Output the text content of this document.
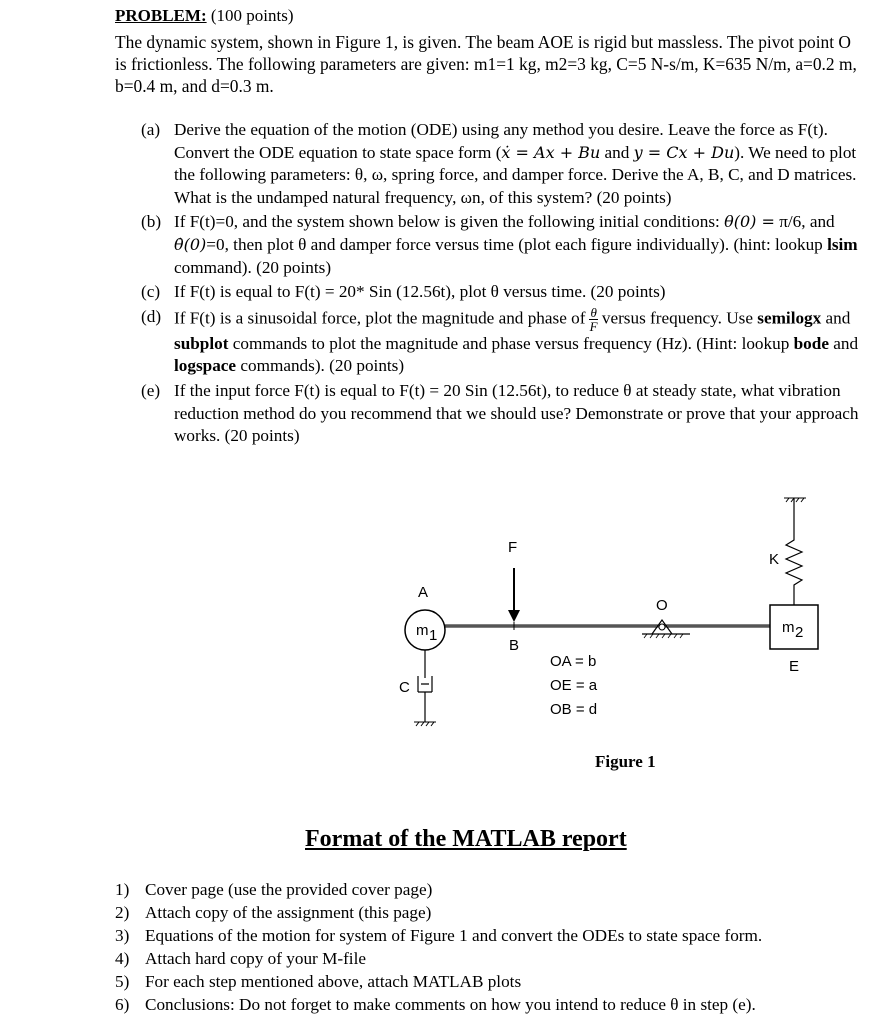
PROBLEM: (100 points)
The dynamic system, shown in Figure 1, is given. The beam AOE is rigid but massless. The pivot point O is frictionless. The following parameters are given: m1=1 kg, m2=3 kg, C=5 N-s/m, K=635 N/m, a=0.2 m, b=0.4 m, and d=0.3 m.
(a) Derive the equation of the motion (ODE) using any method you desire. Leave the force as F(t). Convert the ODE equation to state space form (ẋ = Ax + Bu and y = Cx + Du). We need to plot the following parameters: θ, ω, spring force, and damper force. Derive the A, B, C, and D matrices. What is the undamped natural frequency, ωn, of this system? (20 points)
(b) If F(t)=0, and the system shown below is given the following initial conditions: θ(0) = π/6, and θ̇(0)=0, then plot θ and damper force versus time (plot each figure individually). (hint: lookup lsim command). (20 points)
(c) If F(t) is equal to F(t) = 20* Sin (12.56t), plot θ versus time. (20 points)
(d) If F(t) is a sinusoidal force, plot the magnitude and phase of $\frac{\theta}{F}$ versus frequency. Use semilogx and subplot commands to plot the magnitude and phase versus frequency (Hz). (Hint: lookup bode and logspace commands). (20 points)
(e) If the input force F(t) is equal to F(t) = 20 Sin (12.56t), to reduce θ at steady state, what vibration reduction method do you recommend that we should use? Demonstrate or prove that your approach works. (20 points)
m 1
A
C
F
B
O
OA = b
OE = a
OB = d
m 2
E
K
Figure 1
Format of the MATLAB report
1) Cover page (use the provided cover page)
2) Attach copy of the assignment (this page)
3) Equations of the motion for system of Figure 1 and convert the ODEs to state space form.
4) Attach hard copy of your M-file
5) For each step mentioned above, attach MATLAB plots
6) Conclusions: Do not forget to make comments on how you intend to reduce θ in step (e).
